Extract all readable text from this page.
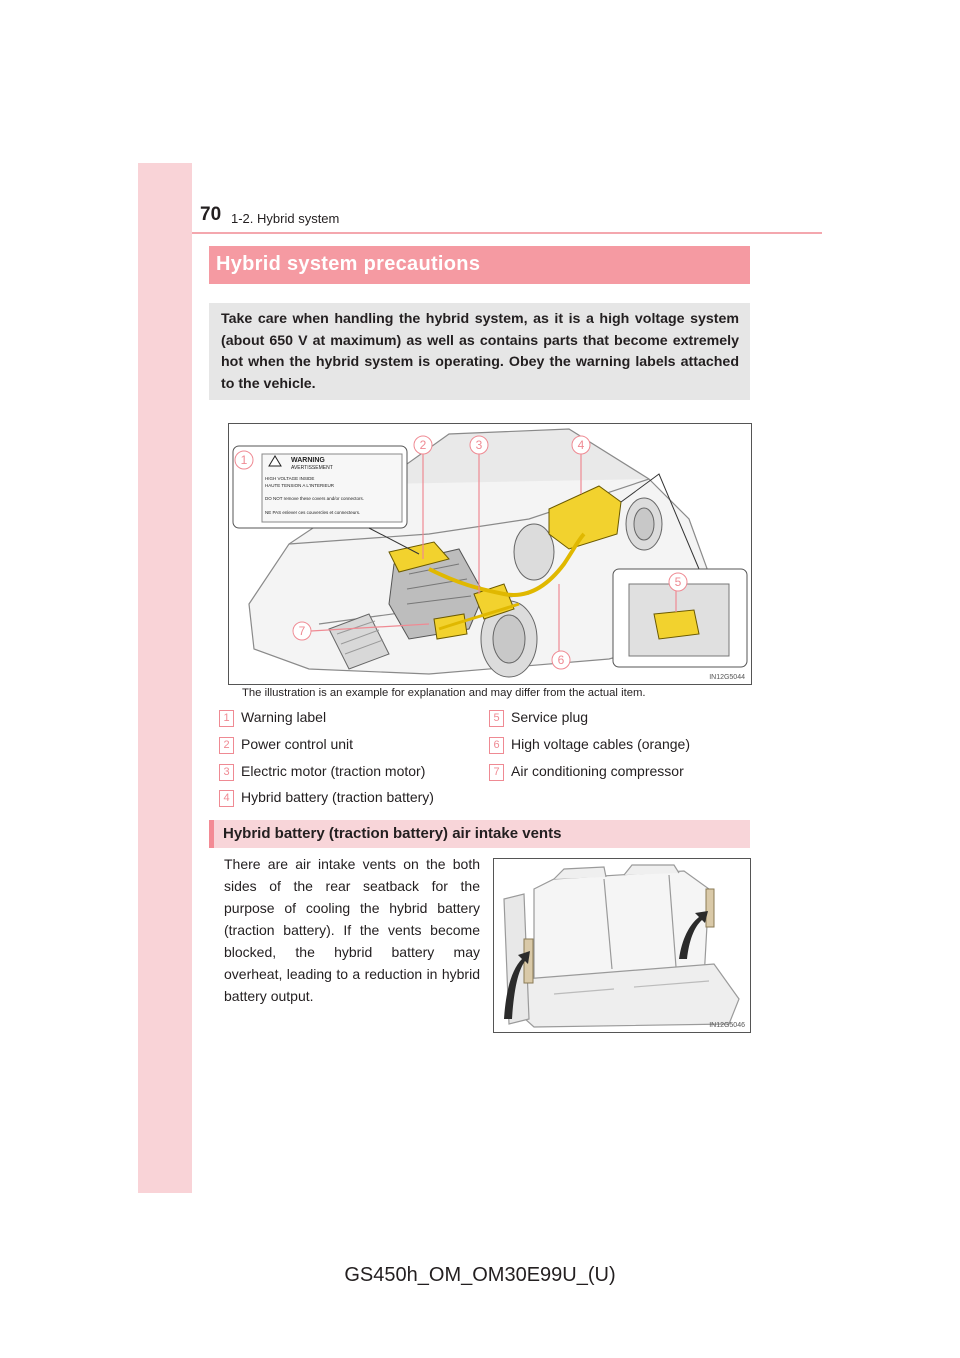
70 1-2. Hybrid system
Hybrid system precautions
Take care when handling the hybrid system, as it is a high voltage system (about 650 V at maximum) as well as contains parts that become extremely hot when the hybrid system is operating. Obey the warning labels attached to the vehicle.
WARNING
AVERTISSEMENT
HIGH VOLTAGE INSIDE
HAUTE TENSION A L'INTERIEUR
DO NOT remove these covers and/or connectors.
NE PAS enlever ces couvercles et connecteurs.
1
2	3	4
5
6
7
IN12G5044
The illustration is an example for explanation and may differ from the actual item.
1 Warning label
2 Power control unit
3 Electric motor (traction motor)
4 Hybrid battery (traction battery)
5 Service plug
6 High voltage cables (orange)
7 Air conditioning compressor
Hybrid battery (traction battery) air intake vents
There are air intake vents on the both sides of the rear seatback for the purpose of cooling the hybrid battery (traction battery). If the vents become blocked, the hybrid battery may overheat, leading to a reduction in hybrid battery output.
IN12G5046
GS450h_OM_OM30E99U_(U)
